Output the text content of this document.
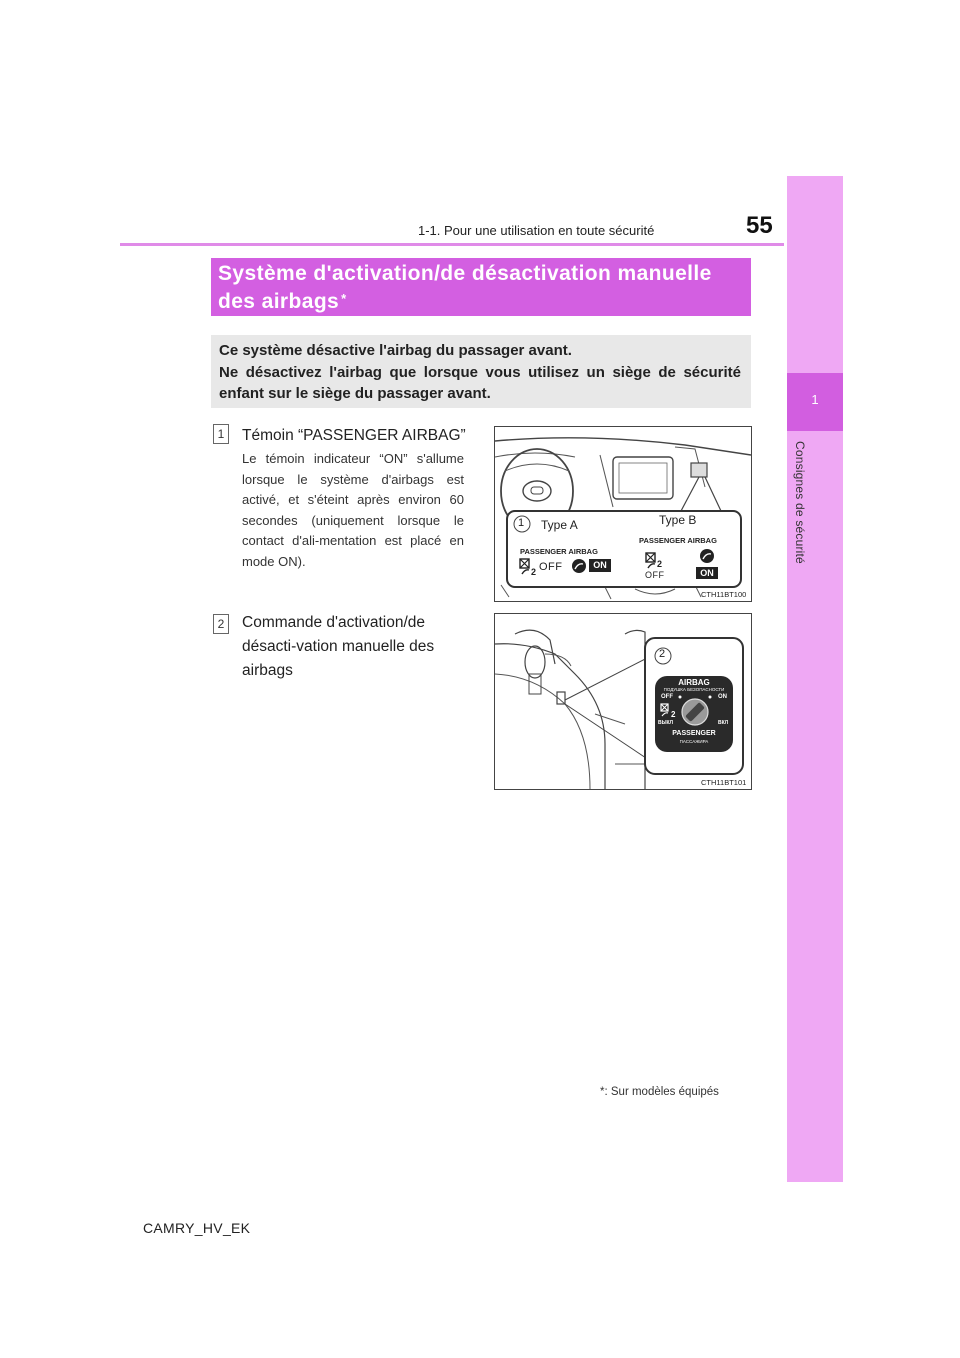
55
1-1. Pour une utilisation en toute sécurité
1
Consignes de sécurité
Système d'activation/de désactivation manuelle des airbags *
Ce système désactive l'airbag du passager avant.
Ne désactivez l'airbag que lorsque vous utilisez un siège de sécurité enfant sur le siège du passager avant.
1	Témoin “PASSENGER AIRBAG”
Le témoin indicateur “ON” s'allume lorsque le système d'airbags est activé, et s'éteint après environ 60 secondes (uniquement lorsque le contact d'ali-mentation est placé en mode ON).
2	Commande d'activation/de désacti-vation manuelle des airbags
1 Type A	Type B
PASSENGER AIRBAG
PASSENGER AIRBAG
2 OFF	ON	2
OFF	ON
CTH11BT100
2
AIRBAG
ПОДУШКА БЕЗОПАСНОСТИ
OFF	ON
2
ВЫКЛ	ВКЛ
PASSENGER
ПАССАЖИРА
CTH11BT101
*: Sur modèles équipés
CAMRY_HV_EK
